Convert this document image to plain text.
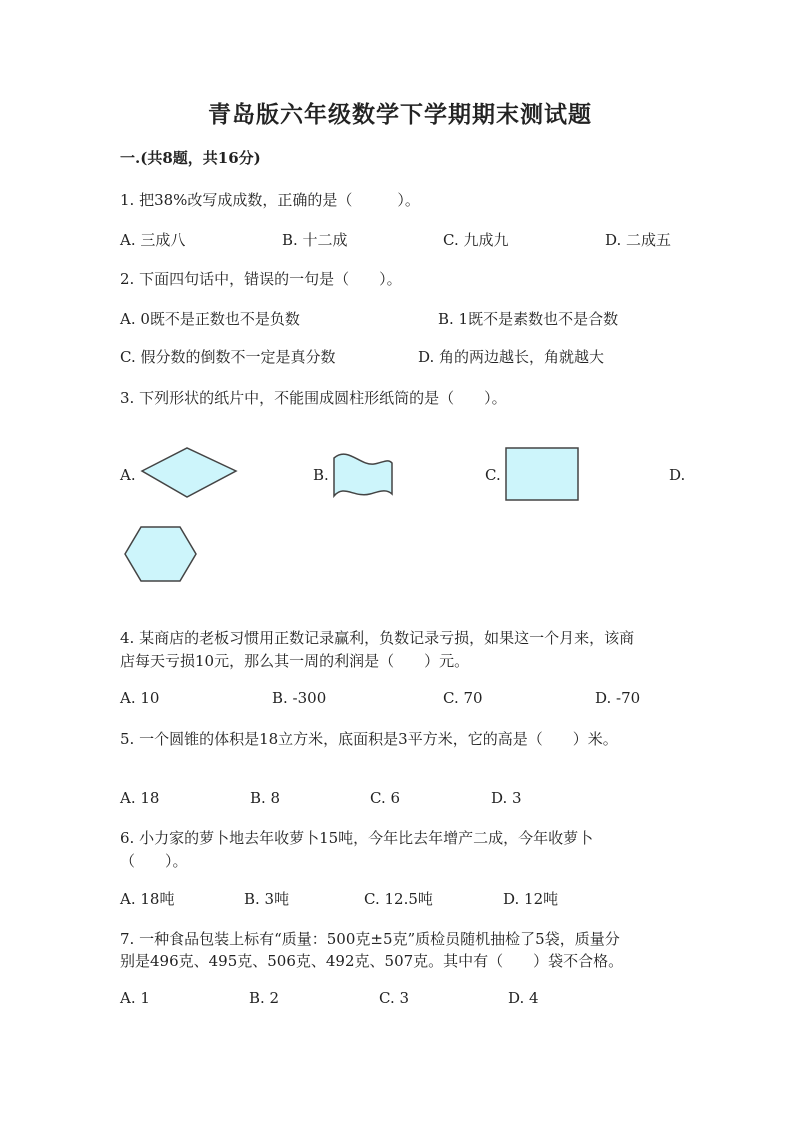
青岛版六年级数学下学期期末测试题
一.(共8题，共16分)
1. 把38%改写成成数，正确的是（　　　）。
A. 三成八	B. 十二成	C. 九成九	D. 二成五
2. 下面四句话中，错误的一句是（　　）。
A. 0既不是正数也不是负数	B. 1既不是素数也不是合数
C. 假分数的倒数不一定是真分数	D. 角的两边越长，角就越大
3. 下列形状的纸片中，不能围成圆柱形纸筒的是（　　）。
A.	B.	C.	D.
4. 某商店的老板习惯用正数记录赢利，负数记录亏损，如果这一个月来，该商
店每天亏损10元，那么其一周的利润是（　　）元。
A. 10	B. -300	C. 70	D. -70
5. 一个圆锥的体积是18立方米，底面积是3平方米，它的高是（　　）米。
A. 18	B. 8	C. 6	D. 3
6. 小力家的萝卜地去年收萝卜15吨，今年比去年增产二成，今年收萝卜
（　　）。
A. 18吨	B. 3吨	C. 12.5吨	D. 12吨
7. 一种食品包装上标有“质量：500克±5克”质检员随机抽检了5袋，质量分
别是496克、495克、506克、492克、507克。其中有（　　）袋不合格。
A. 1	B. 2	C. 3	D. 4
